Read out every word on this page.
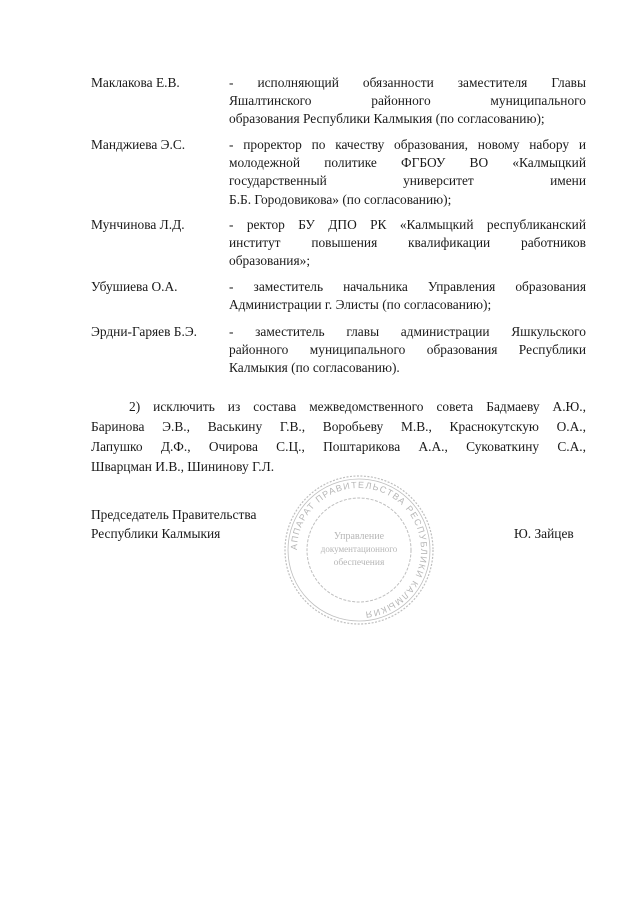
Маклакова Е.В.	- исполняющий обязанности заместителя Главы
Яшалтинского районного муниципального
образования Республики Калмыкия (по согласованию);
Манджиева Э.С.	- проректор по качеству образования, новому набору и
молодежной политике ФГБОУ ВО «Калмыцкий
государственный университет имени
Б.Б. Городовикова» (по согласованию);
Мунчинова Л.Д.	- ректор БУ ДПО РК «Калмыцкий республиканский
институт повышения квалификации работников
образования»;
Убушиева О.А.	- заместитель начальника Управления образования
Администрации г. Элисты (по согласованию);
Эрдни-Гаряев Б.Э.	- заместитель главы администрации Яшкульского
районного муниципального образования Республики
Калмыкия (по согласованию).
2) исключить из состава межведомственного совета Бадмаеву А.Ю.,
Баринова Э.В., Васькину Г.В., Воробьеву М.В., Краснокутскую О.А.,
Лапушко Д.Ф., Очирова С.Ц., Поштарикова А.А., Суковаткину С.А.,
Шварцман И.В., Шининову Г.Л.
АППАРАТ ПРАВИТЕЛЬСТВА РЕСПУБЛИКИ КАЛМЫКИЯ
Управление
документационного
обеспечения
Председатель Правительства
Республики Калмыкия	Ю. Зайцев
